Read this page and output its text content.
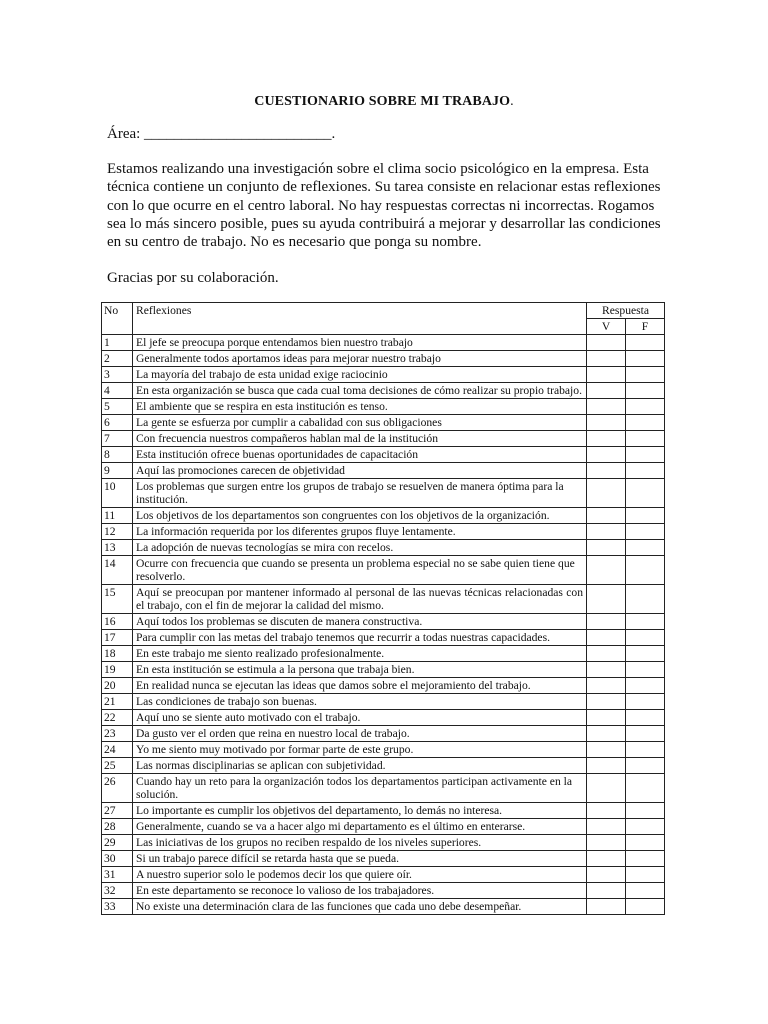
CUESTIONARIO SOBRE MI TRABAJO.
Área: _________________________.
Estamos realizando una investigación sobre el clima socio psicológico en la empresa. Esta técnica contiene un conjunto de reflexiones. Su tarea consiste en relacionar estas reflexiones con lo que ocurre en el centro laboral. No hay respuestas correctas ni incorrectas. Rogamos sea lo más sincero posible, pues su ayuda contribuirá a mejorar y desarrollar las condiciones en su centro de trabajo. No es necesario que ponga su nombre.
Gracias por su colaboración.
No	Reflexiones	Respuesta	
		V	F
1	El jefe se preocupa porque entendamos bien nuestro trabajo		
2	Generalmente todos aportamos ideas para mejorar nuestro trabajo		
3	La mayoría del trabajo de esta unidad exige raciocinio		
4	En esta organización se busca que cada cual toma decisiones de cómo realizar su propio trabajo.		
5	El ambiente que se respira en esta institución es tenso.		
6	La gente se esfuerza por cumplir a cabalidad con sus obligaciones		
7	Con frecuencia nuestros compañeros hablan mal de la institución		
8	Esta institución ofrece buenas oportunidades de capacitación		
9	Aquí las promociones carecen de objetividad		
10	Los problemas que surgen entre los grupos de trabajo se resuelven de manera óptima para la institución.		
11	Los objetivos de los departamentos son congruentes con los objetivos de la organización.		
12	La información requerida por los diferentes grupos fluye lentamente.		
13	La adopción de nuevas tecnologías se mira con recelos.		
14	Ocurre con frecuencia que cuando se presenta un problema especial no se sabe quien tiene que resolverlo.		
15	Aquí se preocupan por mantener informado al personal de las nuevas técnicas relacionadas con el trabajo, con el fin de mejorar la calidad del mismo.		
16	Aquí todos los problemas se discuten de manera constructiva.		
17	Para cumplir con las metas del trabajo tenemos que recurrir a todas nuestras capacidades.		
18	En este trabajo me siento realizado profesionalmente.		
19	En esta institución se estimula a la persona que trabaja bien.		
20	En realidad nunca se ejecutan las ideas que damos sobre el mejoramiento del trabajo.		
21	Las condiciones de trabajo son buenas.		
22	Aquí uno se siente auto motivado con el trabajo.		
23	Da gusto ver el orden que reina en nuestro local de trabajo.		
24	Yo me siento muy motivado por formar parte de este grupo.		
25	Las normas disciplinarias se aplican con subjetividad.		
26	Cuando hay un reto para la organización todos los departamentos participan activamente en la solución.		
27	Lo importante es cumplir los objetivos del departamento, lo demás no interesa.		
28	Generalmente, cuando se va a hacer algo mi departamento es el último en enterarse.		
29	Las iniciativas de los grupos no reciben respaldo de los niveles superiores.		
30	Si un trabajo parece difícil se retarda hasta que se pueda.		
31	A nuestro superior solo le podemos decir los que quiere oír.		
32	En este departamento se reconoce lo valioso de los trabajadores.		
33	No existe una determinación clara de las funciones que cada uno debe desempeñar.		
